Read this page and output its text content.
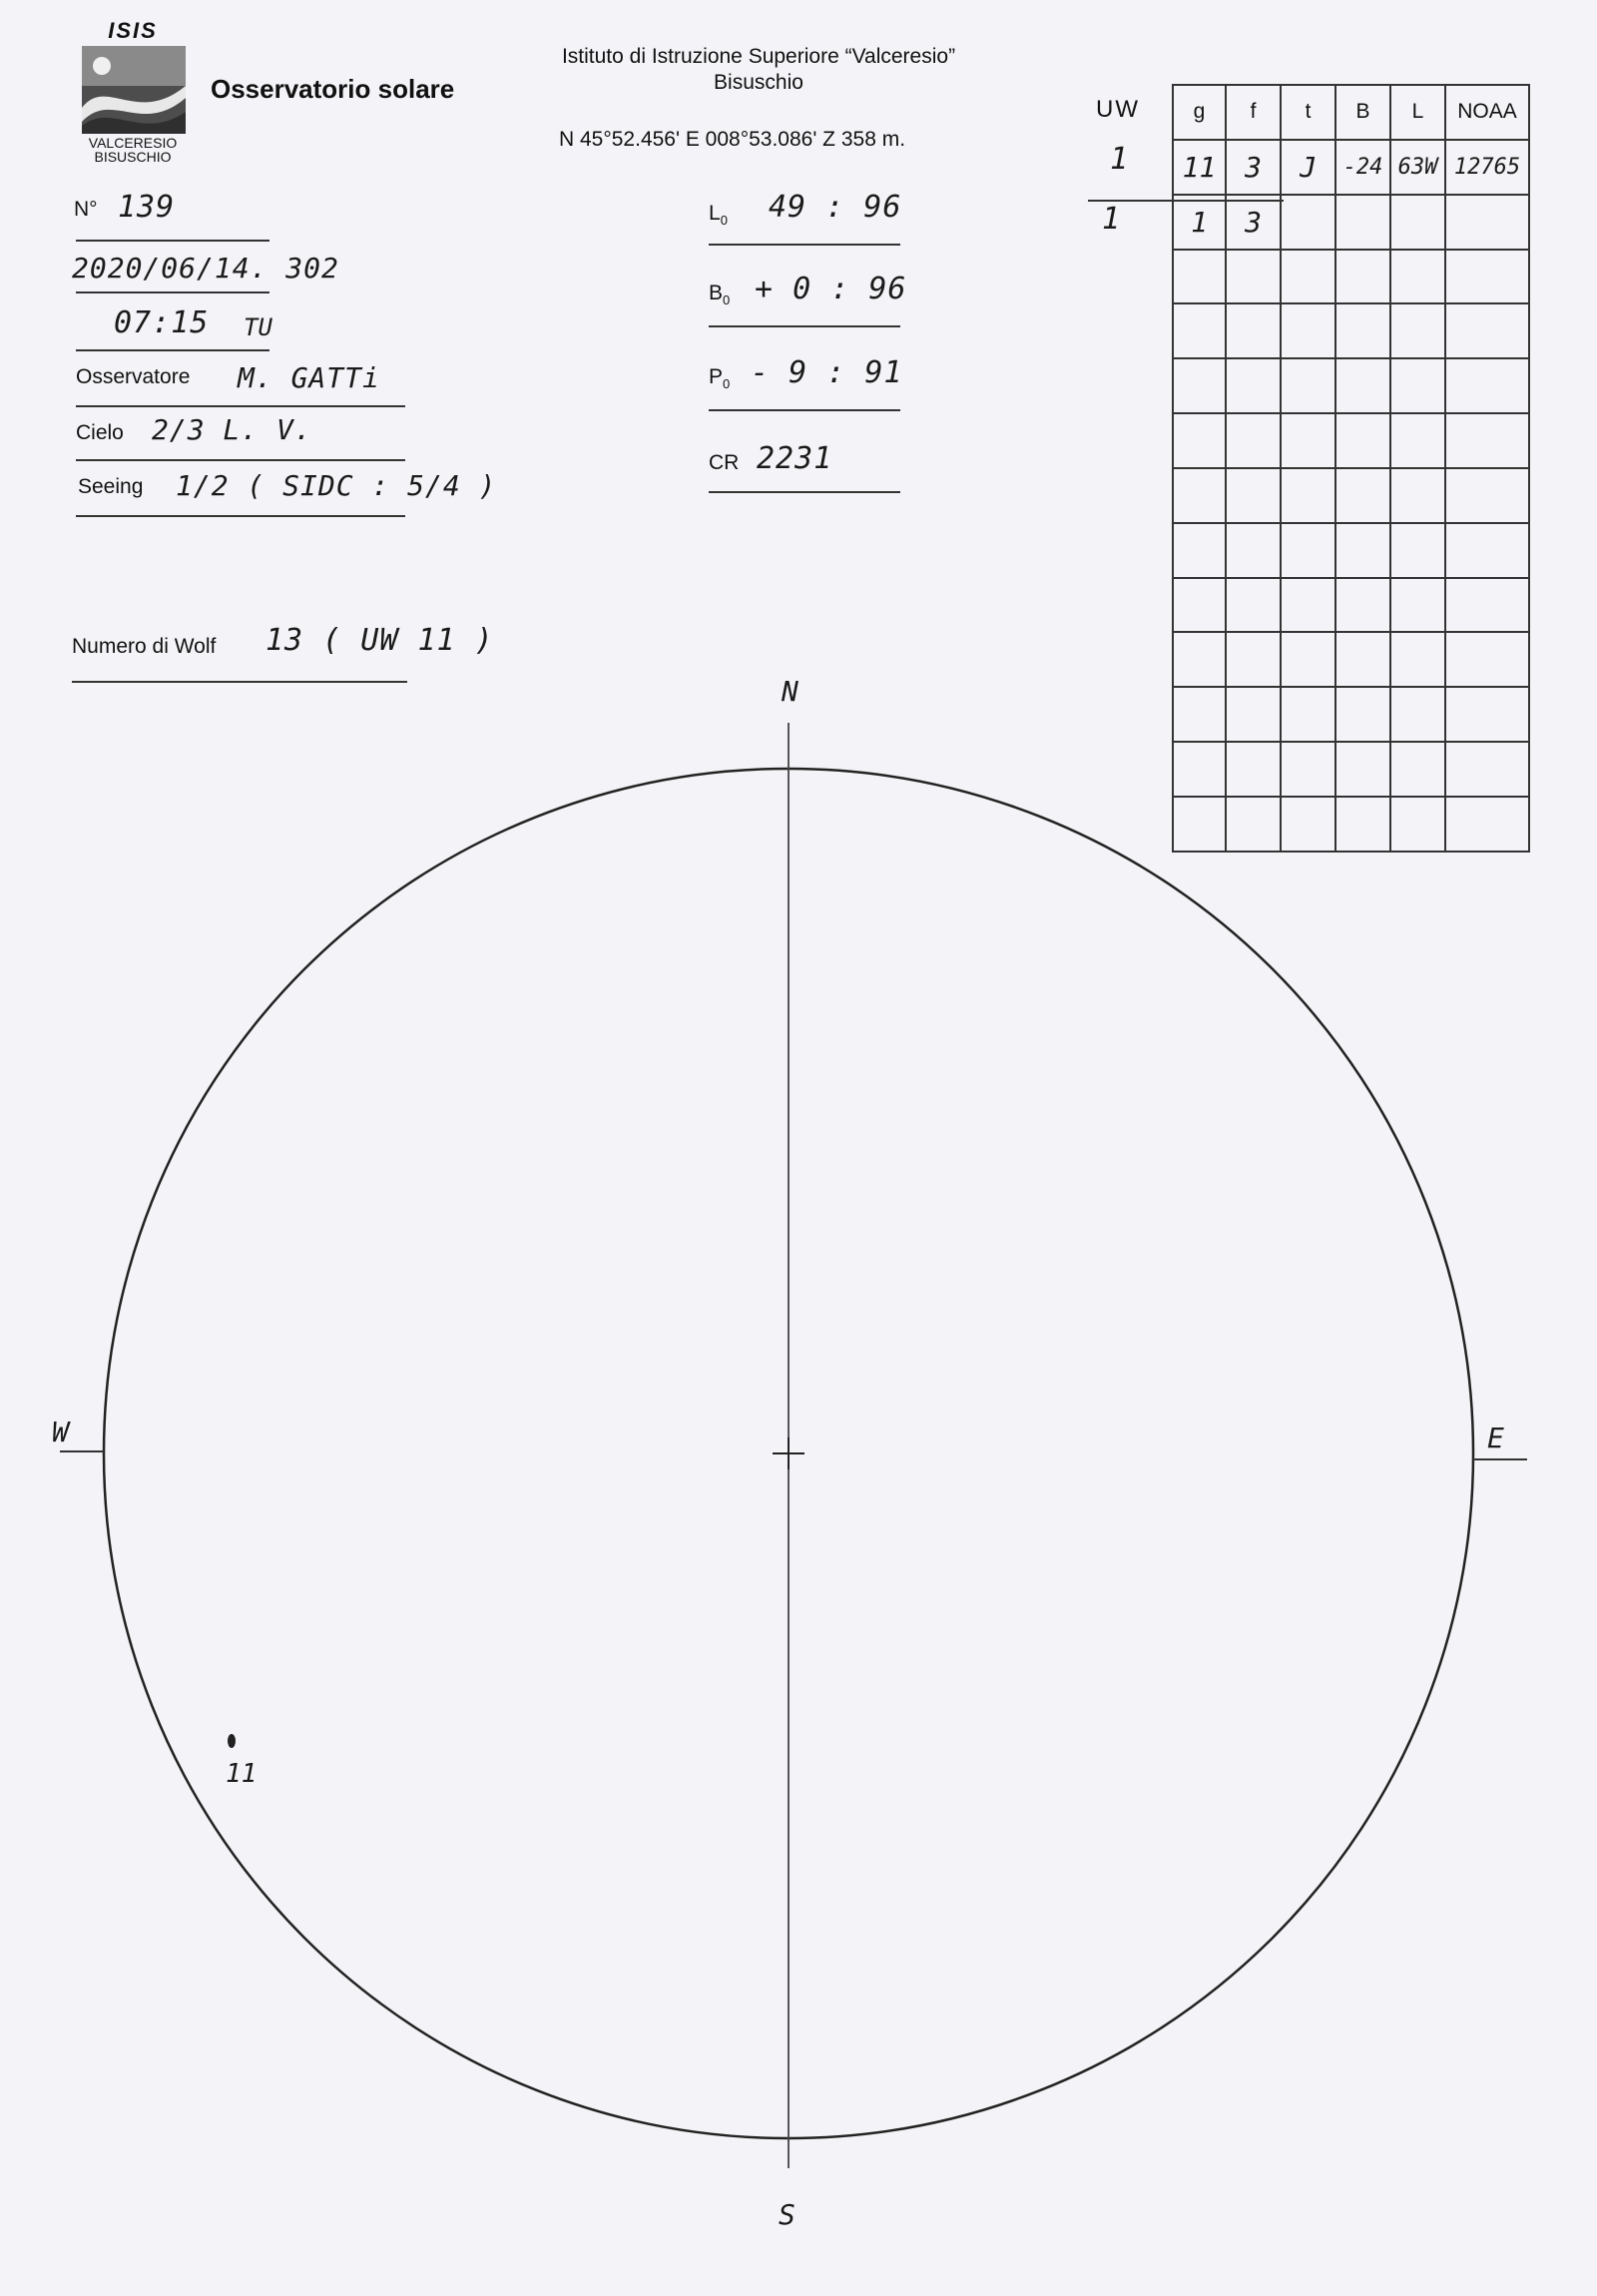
ISIS
VALCERESIO
BISUSCHIO
Osservatorio solare
Istituto di Istruzione Superiore “Valceresio”
Bisuschio
N 45°52.456' E 008°53.086' Z 358 m.
N° 139
2020/06/14. 302
07:15 TU
Osservatore M. GATTi
Cielo 2/3 L. V.
Seeing 1/2 ( SIDC : 5/4 )
Numero di Wolf 13 ( UW 11 )
$L_0$ 49 : 96
$B_0 + 0$ : 96
$P_0 - 9$ : 91
CR 2231
UW
1
1
g	f	t	B	L	NOAA
11	3	J	-24	63W	12765
1	3				

N
S
W	E
11
